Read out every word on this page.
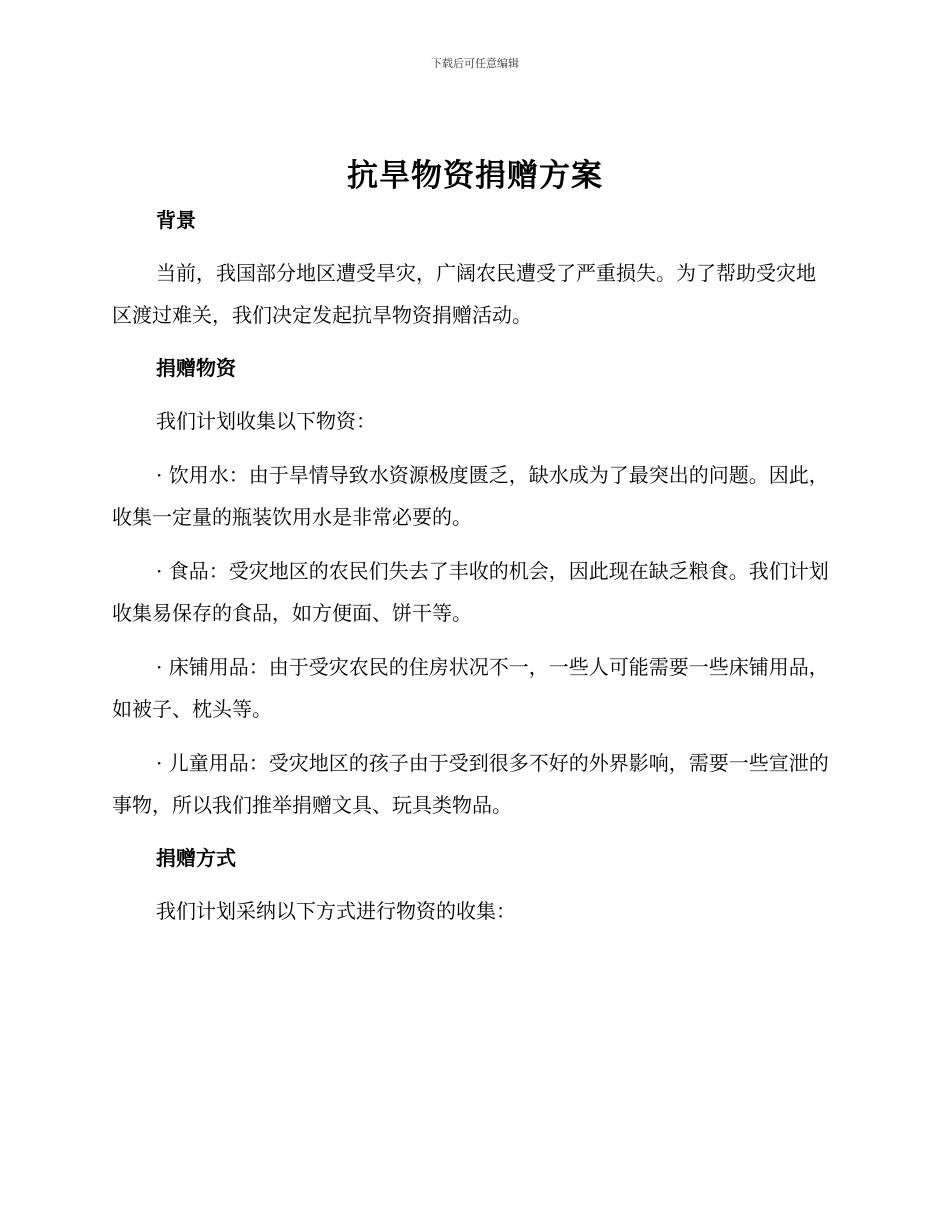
下载后可任意编辑
抗旱物资捐赠方案
背景

当前，我国部分地区遭受旱灾，广阔农民遭受了严重损失。为了帮助受灾地区渡过难关，我们决定发起抗旱物资捐赠活动。

捐赠物资

我们计划收集以下物资：

· 饮用水：由于旱情导致水资源极度匮乏，缺水成为了最突出的问题。因此，收集一定量的瓶装饮用水是非常必要的。

· 食品：受灾地区的农民们失去了丰收的机会，因此现在缺乏粮食。我们计划收集易保存的食品，如方便面、饼干等。

· 床铺用品：由于受灾农民的住房状况不一，一些人可能需要一些床铺用品，如被子、枕头等。

· 儿童用品：受灾地区的孩子由于受到很多不好的外界影响，需要一些宣泄的事物，所以我们推举捐赠文具、玩具类物品。

捐赠方式

我们计划采纳以下方式进行物资的收集：
